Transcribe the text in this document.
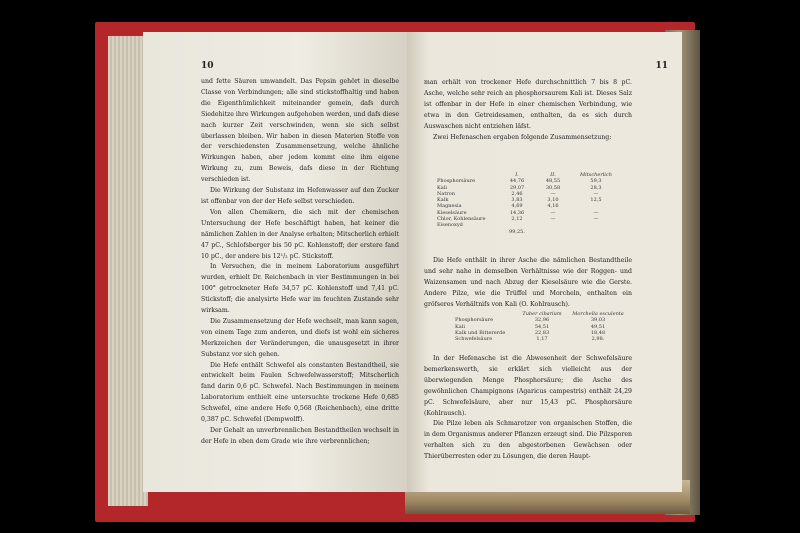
10

und fette Säuren umwandelt. Das Pepsin gehört in dieselbe Classe von Verbindungen; alle sind stickstoffhaltig und haben die Eigenthümlichkeit miteinander gemein, dafs durch Siedehitze ihre Wirkungen aufgehoben werden, und dafs diese nach kurzer Zeit verschwinden, wenn sie sich selbst überlassen bleiben. Wir haben in diesen Materien Stoffe von der verschiedensten Zusammensetzung, welche ähnliche Wirkungen haben, aber jedem kommt eine ihm eigene Wirkung zu, zum Beweis, dafs diese in der Richtung verschieden ist.

Die Wirkung der Substanz im Hefenwasser auf den Zucker ist offenbar von der der Hefe selbst verschieden.

Von allen Chemikern, die sich mit der chemischen Untersuchung der Hefe beschäftigt haben, hat keiner die nämlichen Zahlen in der Analyse erhalten; Mitscherlich erhielt 47 pC., Schlofsberger bis 50 pC. Kohlenstoff; der erstere fand 10 pC., der andere bis 12¹/₂ pC. Stickstoff.

In Versuchen, die in meinem Laboratorium ausgeführt wurden, erhielt Dr. Reichenbach in vier Bestimmungen in bei 100° getrockneter Hefe 34,57 pC. Kohlenstoff und 7,41 pC. Stickstoff; die analysirte Hefe war im feuchten Zustande sehr wirksam.

Die Zusammensetzung der Hefe wechselt, man kann sagen, von einem Tage zum anderen, und diefs ist wohl ein sicheres Merkzeichen der Veränderungen, die unausgesetzt in ihrer Substanz vor sich gehen.

Die Hefe enthält Schwefel als constanten Bestandtheil, sie entwickelt beim Faulen Schwefelwasserstoff; Mitscherlich fand darin 0,6 pC. Schwefel. Nach Bestimmungen in meinem Laboratorium enthielt eine untersuchte trockene Hefe 0,685 Schwefel, eine andere Hefe 0,568 (Reichenbach), eine dritte 0,387 pC. Schwefel (Dempwolff).

Der Gehalt an unverbrennlichen Bestandtheilen wechselt in der Hefe in eben dem Grade wie ihre verbrennlichen;

11

man erhält von trockener Hefe durchschnittlich 7 bis 8 pC. Asche, welche sehr reich an phosphorsaurem Kali ist. Dieses Salz ist offenbar in der Hefe in einer chemischen Verbindung, wie etwa in den Getreidesamen, enthalten, da es sich durch Auswaschen nicht entziehen läfst.

Zwei Hefenaschen ergaben folgende Zusammensetzung:

I.	II.	Mitscherlich
Phosphorsäure	44,76	48,55	59,3
Kali	29,07	30,58	28,3
Natron	2,46	—	—
Kalk	3,83	3,10	12,5
Magnesia	4,69	4,16
Kieselsäure	14,36	—	—
Chlor, Kohlensäure	2,12	—	—
Eisenoxyd
99,25.

Die Hefe enthält in ihrer Asche die nämlichen Bestandtheile und sehr nahe in demselben Verhältnisse wie der Roggen- und Waizensamen und nach Abzug der Kieselsäure wie die Gerste. Andere Pilze, wie die Trüffel und Morcheln, enthalten ein gröfseres Verhältnifs von Kali (O. Kohlrausch).

Tuber cibarium	Morchella esculenta
Phosphorsäure	32,96	39,03
Kali	54,51	49,51
Kalk und Bittererde	22,83	18,48
Schwefelsäure	1,17	2,98.

In der Hefenasche ist die Abwesenheit der Schwefelsäure bemerkenswerth, sie erklärt sich vielleicht aus der überwiegenden Menge Phosphorsäure; die Asche des gewöhnlichen Champignons (Agaricus campestris) enthält 24,29 pC. Schwefelsäure, aber nur 15,43 pC. Phosphorsäure (Kohlrausch).

Die Pilze leben als Schmarotzer von organischen Stoffen, die in dem Organismus anderer Pflanzen erzeugt sind. Die Pilzsporen verhalten sich zu den abgestorbenen Gewächsen oder Thierüberresten oder zu Lösungen, die deren Haupt-
